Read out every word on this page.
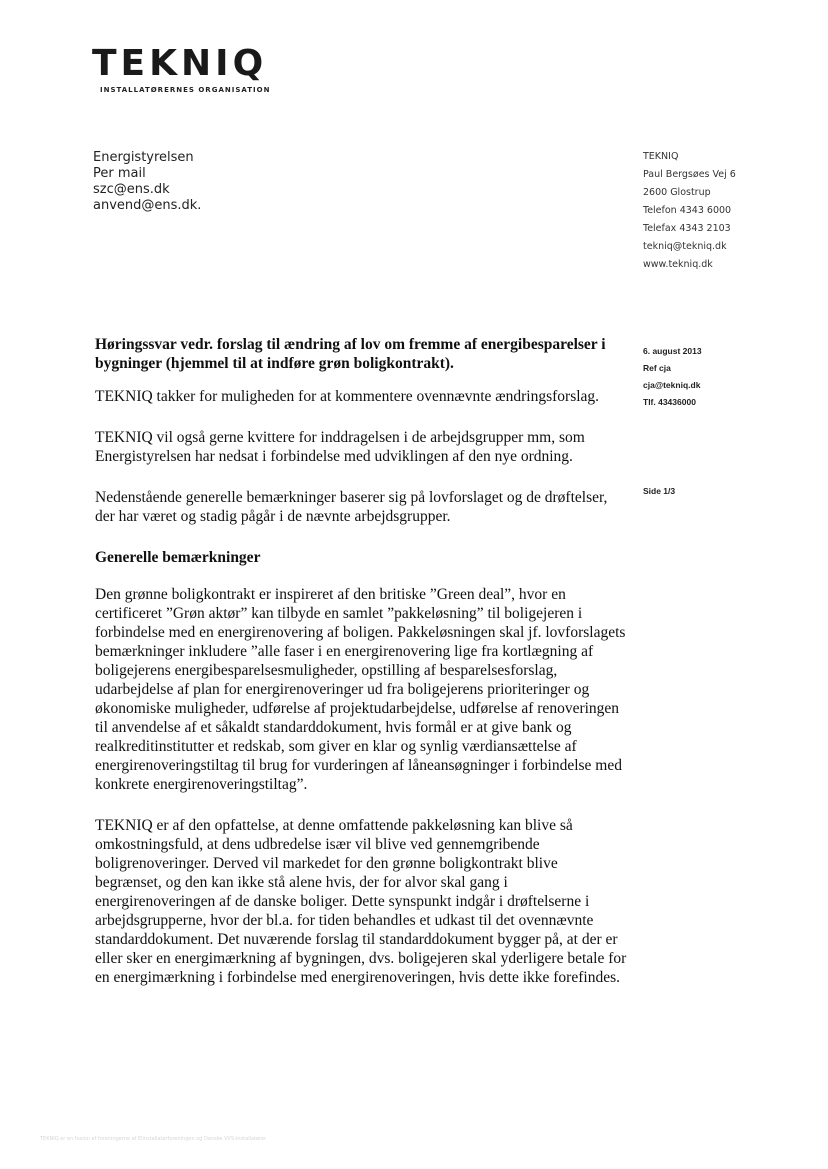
TEKNIQ
INSTALLATØRERNES ORGANISATION
Energistyrelsen
Per mail
szc@ens.dk
anvend@ens.dk.
TEKNIQ
Paul Bergsøes Vej 6
2600 Glostrup
Telefon 4343 6000
Telefax 4343 2103
tekniq@tekniq.dk
www.tekniq.dk
6. august 2013
Ref cja
cja@tekniq.dk
Tlf. 43436000
Side 1/3
Høringssvar vedr. forslag til ændring af lov om fremme af energibesparelser i bygninger (hjemmel til at indføre grøn boligkontrakt).

TEKNIQ takker for muligheden for at kommentere ovennævnte ændringsforslag.

TEKNIQ vil også gerne kvittere for inddragelsen i de arbejdsgrupper mm, som Energistyrelsen har nedsat i forbindelse med udviklingen af den nye ordning.

Nedenstående generelle bemærkninger baserer sig på lovforslaget og de drøftelser, der har været og stadig pågår i de nævnte arbejdsgrupper.

Generelle bemærkninger

Den grønne boligkontrakt er inspireret af den britiske ”Green deal”, hvor en certificeret ”Grøn aktør” kan tilbyde en samlet ”pakkeløsning” til boligejeren i forbindelse med en energirenovering af boligen. Pakkeløsningen skal jf. lovforslagets bemærkninger inkludere ”alle faser i en energirenovering lige fra kortlægning af boligejerens energibesparelsesmuligheder, opstilling af besparelsesforslag, udarbejdelse af plan for energirenoveringer ud fra boligejerens prioriteringer og økonomiske muligheder, udførelse af projektudarbejdelse, udførelse af renoveringen til anvendelse af et såkaldt standarddokument, hvis formål er at give bank og realkreditinstitutter et redskab, som giver en klar og synlig værdiansættelse af energirenoveringstiltag til brug for vurderingen af låneansøgninger i forbindelse med konkrete energirenoveringstiltag”.

TEKNIQ er af den opfattelse, at denne omfattende pakkeløsning kan blive så omkostningsfuld, at dens udbredelse især vil blive ved gennemgribende boligrenoveringer. Derved vil markedet for den grønne boligkontrakt blive begrænset, og den kan ikke stå alene hvis, der for alvor skal gang i energirenoveringen af de danske boliger. Dette synspunkt indgår i drøftelserne i arbejdsgrupperne, hvor der bl.a. for tiden behandles et udkast til det ovennævnte standarddokument. Det nuværende forslag til standarddokument bygger på, at der er eller sker en energimærkning af bygningen, dvs. boligejeren skal yderligere betale for en energimærkning i forbindelse med energirenoveringen, hvis dette ikke forefindes.

TEKNIQ er en fusion af foreningerne af Elinstallatørforeningen og Danske VVS-Installatører
